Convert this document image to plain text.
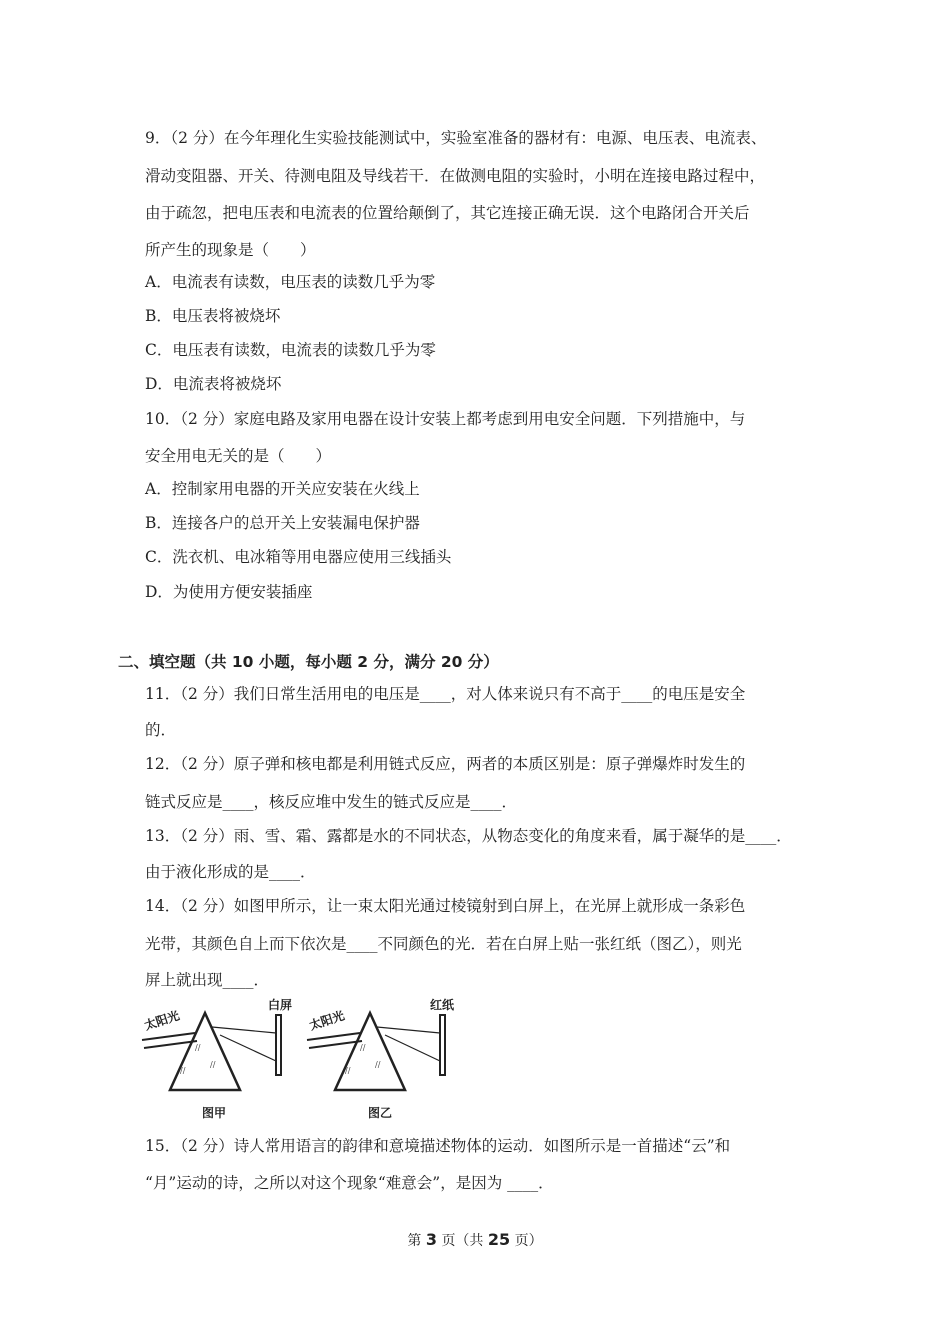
9．（2 分）在今年理化生实验技能测试中，实验室准备的器材有：电源、电压表、电流表、
滑动变阻器、开关、待测电阻及导线若干．在做测电阻的实验时，小明在连接电路过程中，
由于疏忽，把电压表和电流表的位置给颠倒了，其它连接正确无误．这个电路闭合开关后
所产生的现象是（　　）
A．电流表有读数，电压表的读数几乎为零
B．电压表将被烧坏
C．电压表有读数，电流表的读数几乎为零
D．电流表将被烧坏
10．（2 分）家庭电路及家用电器在设计安装上都考虑到用电安全问题．下列措施中，与
安全用电无关的是（　　）
A．控制家用电器的开关应安装在火线上
B．连接各户的总开关上安装漏电保护器
C．洗衣机、电冰箱等用电器应使用三线插头
D．为使用方便安装插座
二、填空题（共 10 小题，每小题 2 分，满分 20 分）
11．（2 分）我们日常生活用电的电压是____，对人体来说只有不高于____的电压是安全
的．
12．（2 分）原子弹和核电都是利用链式反应，两者的本质区别是：原子弹爆炸时发生的
链式反应是____，核反应堆中发生的链式反应是____．
13．（2 分）雨、雪、霜、露都是水的不同状态，从物态变化的角度来看，属于凝华的是____．
由于液化形成的是____．
14．（2 分）如图甲所示，让一束太阳光通过棱镜射到白屏上，在光屏上就形成一条彩色
光带，其颜色自上而下依次是____不同颜色的光．若在白屏上贴一张红纸（图乙），则光
屏上就出现____．
//
//
//
太阳光
白屏
图甲
//
//
//
太阳光
红纸
图乙
15．（2 分）诗人常用语言的韵律和意境描述物体的运动．如图所示是一首描述“云”和
“月”运动的诗，之所以对这个现象“难意会”，是因为 ____．
第 3 页（共 25 页）
